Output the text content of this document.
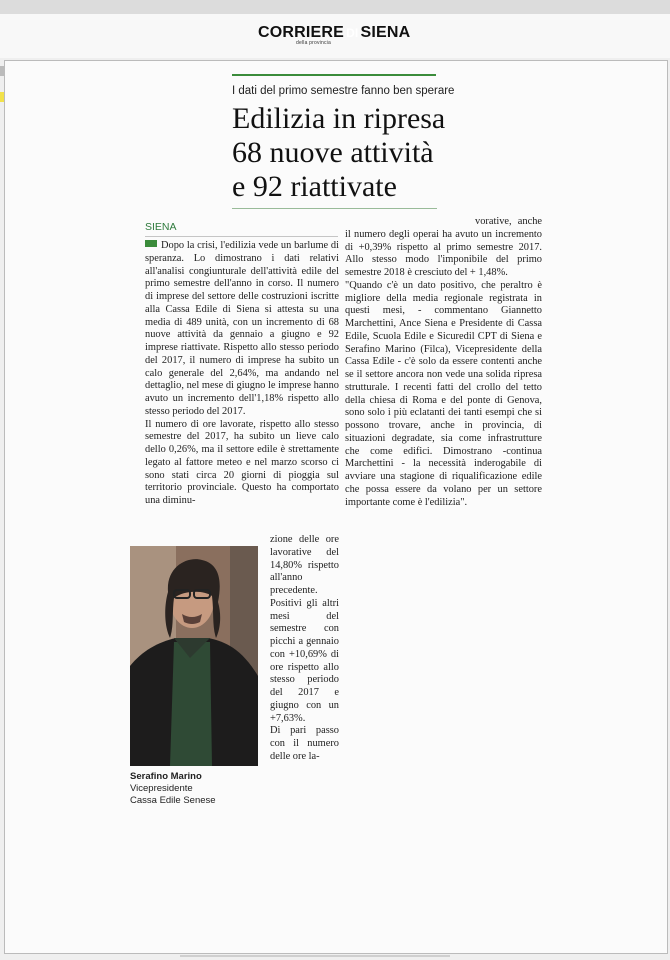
CORRIERE DI SIENA
della provincia
I dati del primo semestre fanno ben sperare
Edilizia in ripresa
68 nuove attività
e 92 riattivate
SIENA
Dopo la crisi, l'edilizia vede un barlume di speranza. Lo dimostrano i dati relativi all'analisi congiunturale dell'attività edile del primo semestre dell'anno in corso. Il numero di imprese del settore delle costruzioni iscritte alla Cassa Edile di Siena si attesta su una media di 489 unità, con un incremento di 68 nuove attività da gennaio a giugno e 92 imprese riattivate. Rispetto allo stesso periodo del 2017, il numero di imprese ha subito un calo generale del 2,64%, ma andando nel dettaglio, nel mese di giugno le imprese hanno avuto un incremento dell'1,18% rispetto allo stesso periodo del 2017.
Il numero di ore lavorate, rispetto allo stesso semestre del 2017, ha subito un lieve calo dello 0,26%, ma il settore edile è strettamente legato al fattore meteo e nel marzo scorso ci sono stati circa 20 giorni di pioggia sul territorio provinciale. Questo ha comportato una diminu-
Serafino Marino Vicepresidente
Cassa Edile Senese
zione delle ore lavorative del 14,80% rispetto all'anno precedente. Positivi gli altri mesi del semestre con picchi a gennaio con +10,69% di ore rispetto allo stesso periodo del 2017 e giugno con un +7,63%.
Di pari passo con il numero delle ore la-
vorative, anche il numero degli operai ha avuto un incremento di +0,39% rispetto al primo semestre 2017. Allo stesso modo l'imponibile del primo semestre 2018 è cresciuto del + 1,48%.
"Quando c'è un dato positivo, che peraltro è migliore della media regionale registrata in questi mesi, - commentano Giannetto Marchettini, Ance Siena e Presidente di Cassa Edile, Scuola Edile e Sicuredil CPT di Siena e Serafino Marino (Filca), Vicepresidente della Cassa Edile - c'è solo da essere contenti anche se il settore ancora non vede una solida ripresa strutturale. I recenti fatti del crollo del tetto della chiesa di Roma e del ponte di Genova, sono solo i più eclatanti dei tanti esempi che si possono trovare, anche in provincia, di situazioni degradate, sia come infrastrutture che come edifici. Dimostrano -continua Marchettini - la necessità inderogabile di avviare una stagione di riqualificazione edile che possa essere da volano per un settore importante come è l'edilizia".
